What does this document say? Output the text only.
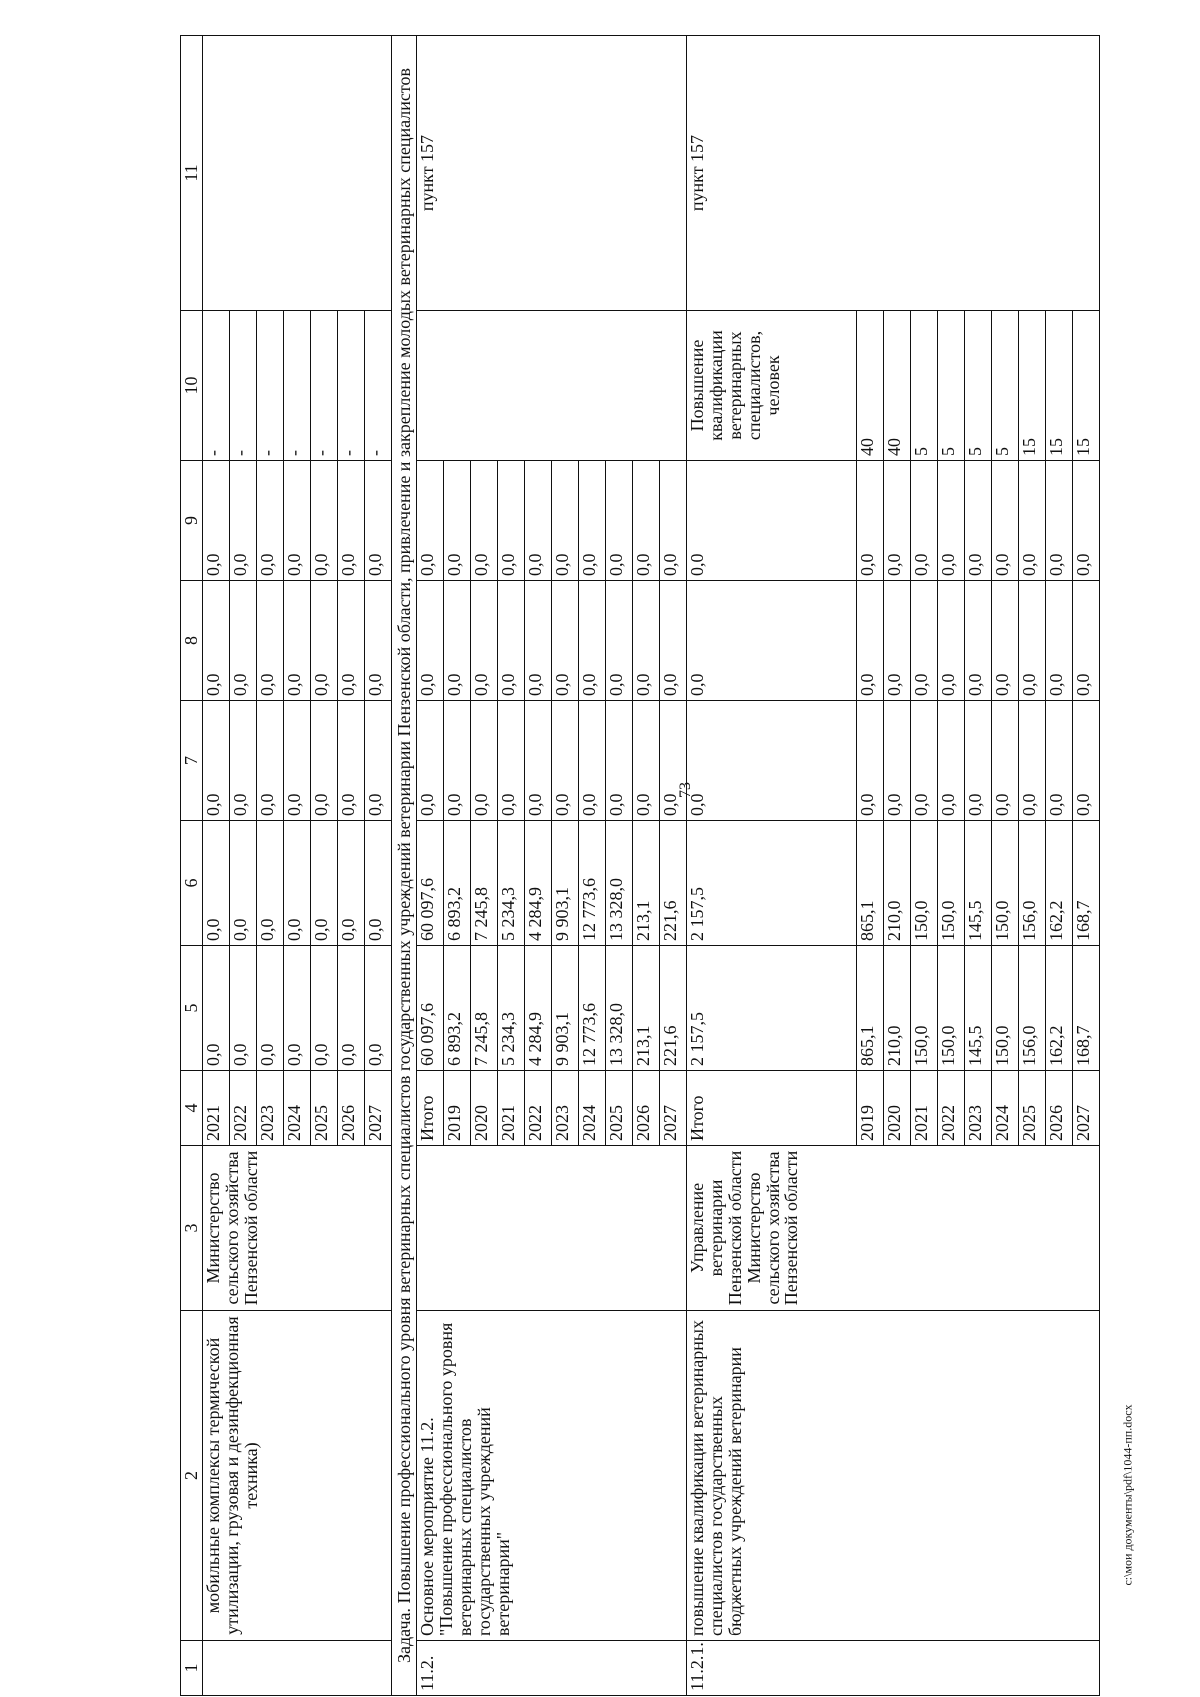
73
c:\мои документы\pdf\1044-пп.docx
1	2	3	4	5	6	7	8	9	10	11
	мобильные комплексы термической утилизации, грузовая и дезинфекционная техника)	Министерство сельского хозяйства Пензенской области	2021	0,0	0,0	0,0	0,0	0,0	-	
			2022	0,0	0,0	0,0	0,0	0,0	-	
			2023	0,0	0,0	0,0	0,0	0,0	-	
			2024	0,0	0,0	0,0	0,0	0,0	-	
			2025	0,0	0,0	0,0	0,0	0,0	-	
			2026	0,0	0,0	0,0	0,0	0,0	-	
			2027	0,0	0,0	0,0	0,0	0,0	-	
Задача. Повышение профессионального уровня ветеринарных специалистов государственных учреждений ветеринарии Пензенской области, привлечение и закрепление молодых ветеринарных специалистов										
11.2.	Основное мероприятие 11.2. "Повышение профессионального уровня ветеринарных специалистов государственных учреждений ветеринарии"		Итого	60 097,6	60 097,6	0,0	0,0	0,0		пункт 157
			2019	6 893,2	6 893,2	0,0	0,0	0,0		
			2020	7 245,8	7 245,8	0,0	0,0	0,0		
			2021	5 234,3	5 234,3	0,0	0,0	0,0		
			2022	4 284,9	4 284,9	0,0	0,0	0,0		
			2023	9 903,1	9 903,1	0,0	0,0	0,0		
			2024	12 773,6	12 773,6	0,0	0,0	0,0		
			2025	13 328,0	13 328,0	0,0	0,0	0,0		
			2026	213,1	213,1	0,0	0,0	0,0		
			2027	221,6	221,6	0,0	0,0	0,0		
11.2.1.	повышение квалификации ветеринарных специалистов государственных бюджетных учреждений ветеринарии	Управление ветеринарии Пензенской области Министерство сельского хозяйства Пензенской области	Итого	2 157,5	2 157,5	0,0	0,0	0,0	Повышение квалификации ветеринарных специалистов, человек	пункт 157
			2019	865,1	865,1	0,0	0,0	0,0	40	
			2020	210,0	210,0	0,0	0,0	0,0	40	
			2021	150,0	150,0	0,0	0,0	0,0	5	
			2022	150,0	150,0	0,0	0,0	0,0	5	
			2023	145,5	145,5	0,0	0,0	0,0	5	
			2024	150,0	150,0	0,0	0,0	0,0	5	
			2025	156,0	156,0	0,0	0,0	0,0	15	
			2026	162,2	162,2	0,0	0,0	0,0	15	
			2027	168,7	168,7	0,0	0,0	0,0	15	
